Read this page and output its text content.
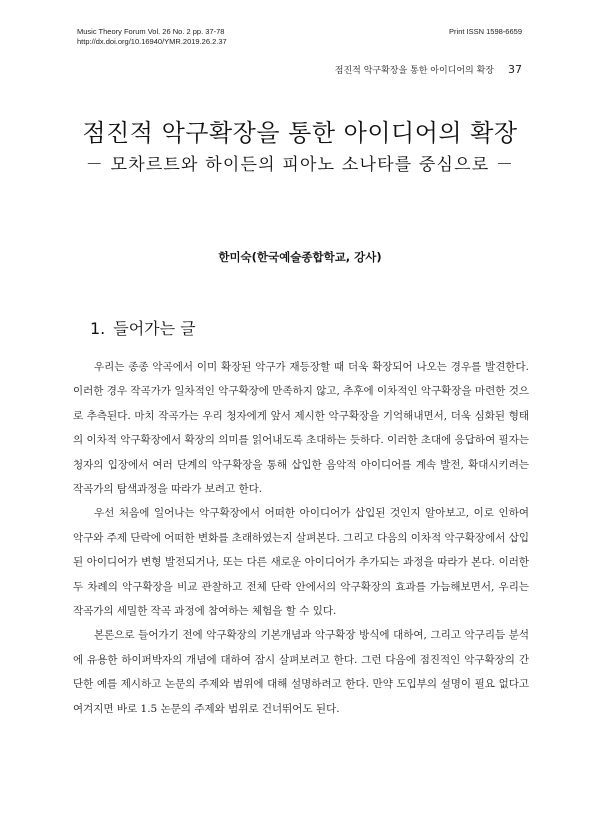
Music Theory Forum Vol. 26 No. 2 pp. 37-78
http://dx.doi.org/10.16940/YMR.2019.26.2.37
Print ISSN 1598-6659
점진적 악구확장을 통한 아이디어의 확장 37
점진적 악구확장을 통한 아이디어의 확장
－ 모차르트와 하이든의 피아노 소나타를 중심으로 －
한미숙(한국예술종합학교, 강사)
1. 들어가는 글

우리는 종종 악곡에서 이미 확장된 악구가 재등장할 때 더욱 확장되어 나오는 경우를 발견한다. 이러한 경우 작곡가가 일차적인 악구확장에 만족하지 않고, 추후에 이차적인 악구확장을 마련한 것으로 추측된다. 마치 작곡가는 우리 청자에게 앞서 제시한 악구확장을 기억해내면서, 더욱 심화된 형태의 이차적 악구확장에서 확장의 의미를 읽어내도록 초대하는 듯하다. 이러한 초대에 응답하여 필자는 청자의 입장에서 여러 단계의 악구확장을 통해 삽입한 음악적 아이디어를 계속 발전, 확대시키려는 작곡가의 탐색과정을 따라가 보려고 한다.

우선 처음에 일어나는 악구확장에서 어떠한 아이디어가 삽입된 것인지 알아보고, 이로 인하여 악구와 주제 단락에 어떠한 변화를 초래하였는지 살펴본다. 그리고 다음의 이차적 악구확장에서 삽입된 아이디어가 변형 발전되거나, 또는 다른 새로운 아이디어가 추가되는 과정을 따라가 본다. 이러한 두 차례의 악구확장을 비교 관찰하고 전체 단락 안에서의 악구확장의 효과를 가늠해보면서, 우리는 작곡가의 세밀한 작곡 과정에 참여하는 체험을 할 수 있다.

본론으로 들어가기 전에 악구확장의 기본개념과 악구확장 방식에 대하여, 그리고 악구리듬 분석에 유용한 하이퍼박자의 개념에 대하여 잠시 살펴보려고 한다. 그런 다음에 점진적인 악구확장의 간단한 예를 제시하고 논문의 주제와 범위에 대해 설명하려고 한다. 만약 도입부의 설명이 필요 없다고 여겨지면 바로 1.5 논문의 주제와 범위로 건너뛰어도 된다.
